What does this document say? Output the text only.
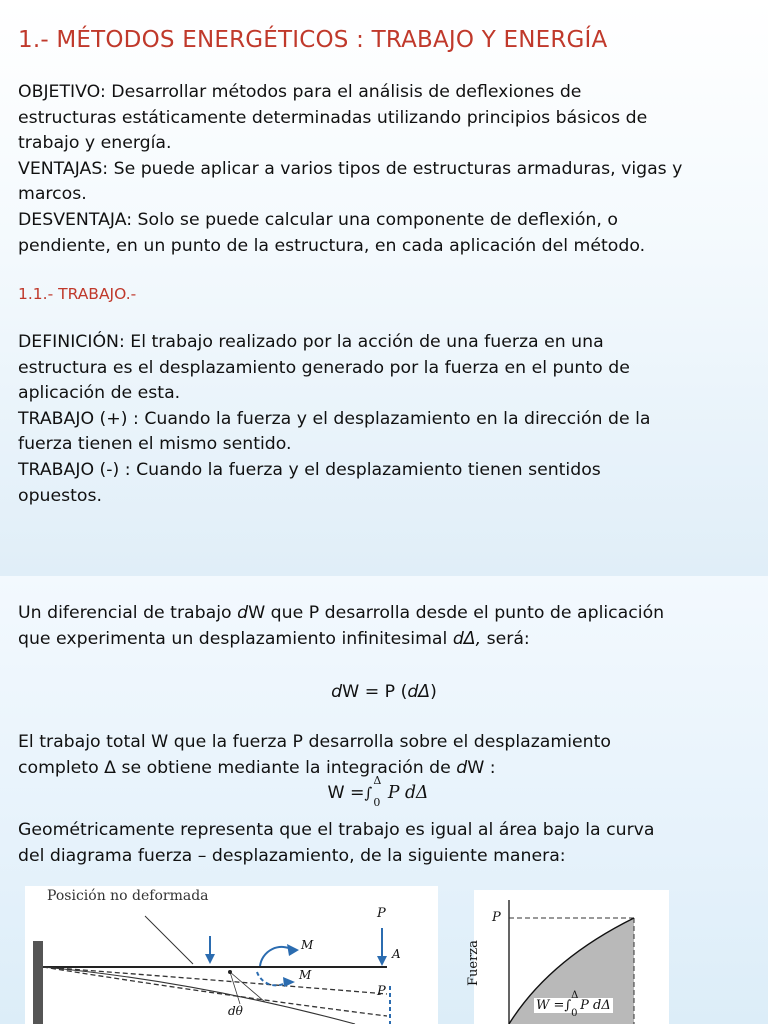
1.- MÉTODOS ENERGÉTICOS : TRABAJO Y ENERGÍA
OBJETIVO: Desarrollar métodos para el análisis de deflexiones de
estructuras estáticamente determinadas utilizando principios básicos de
trabajo y energía.
VENTAJAS: Se puede aplicar a varios tipos de estructuras armaduras, vigas y
marcos.
DESVENTAJA: Solo se puede calcular una componente de deflexión, o
pendiente, en un punto de la estructura, en cada aplicación del método.
1.1.- TRABAJO.-
DEFINICIÓN: El trabajo realizado por la acción de una fuerza en una
estructura es el desplazamiento generado por la fuerza en el punto de
aplicación de esta.
TRABAJO (+) : Cuando la fuerza y el desplazamiento en la dirección de la
fuerza tienen el mismo sentido.
TRABAJO (-) : Cuando la fuerza y el desplazamiento tienen sentidos
opuestos.
Un diferencial de trabajo dW que P desarrolla desde el punto de aplicación
que experimenta un desplazamiento infinitesimal dΔ, será:
dW = P (dΔ)
El trabajo total W que la fuerza P desarrolla sobre el desplazamiento
completo Δ se obtiene mediante la integración de dW :
W =∫
Δ
0 P dΔ
Geométricamente representa que el trabajo es igual al área bajo la curva
del diagrama fuerza – desplazamiento, de la siguiente manera:
Posición no deformada
P
M
A
M
P
dθ
P
Fuerza
W =∫
Δ
0 P dΔ
